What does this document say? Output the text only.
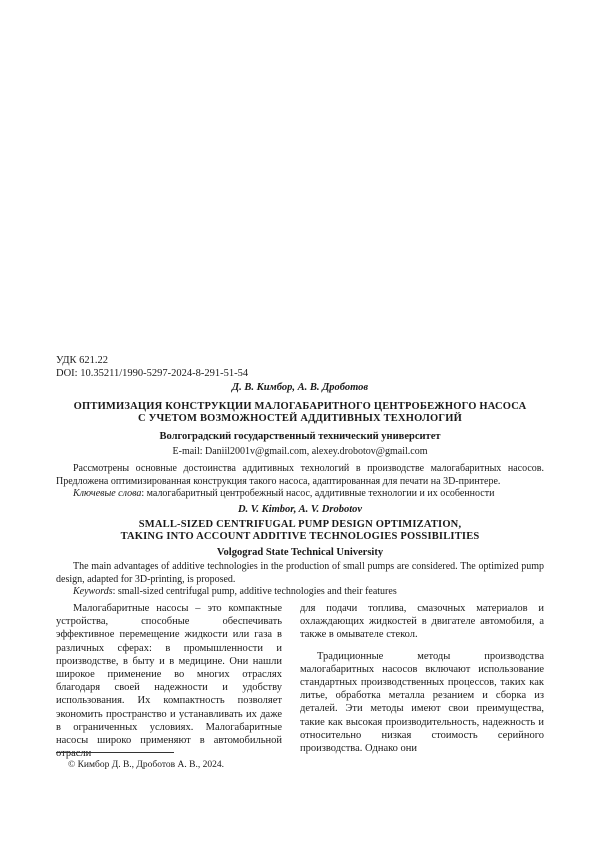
УДК 621.22
DOI: 10.35211/1990-5297-2024-8-291-51-54
Д. В. Кимбор, А. В. Дроботов
ОПТИМИЗАЦИЯ КОНСТРУКЦИИ МАЛОГАБАРИТНОГО ЦЕНТРОБЕЖНОГО НАСОСА
С УЧЕТОМ ВОЗМОЖНОСТЕЙ АДДИТИВНЫХ ТЕХНОЛОГИЙ
Волгоградский государственный технический университет
E-mail: Daniil2001v@gmail.com, alexey.drobotov@gmail.com

Рассмотрены основные достоинства аддитивных технологий в производстве малогабаритных насосов. Предложена оптимизированная конструкция такого насоса, адаптированная для печати на 3D-принтере.

Ключевые слова: малогабаритный центробежный насос, аддитивные технологии и их особенности

D. V. Kimbor, A. V. Drobotov
SMALL-SIZED CENTRIFUGAL PUMP DESIGN OPTIMIZATION,
TAKING INTO ACCOUNT ADDITIVE TECHNOLOGIES POSSIBILITIES
Volgograd State Technical University

The main advantages of additive technologies in the production of small pumps are considered. The optimized pump design, adapted for 3D-printing, is proposed.

Keywords: small-sized centrifugal pump, additive technologies and their features

Малогабаритные насосы – это компактные устройства, способные обеспечивать эффективное перемещение жидкости или газа в различных сферах: в промышленности и производстве, в быту и в медицине. Они нашли широкое применение во многих отраслях благодаря своей надежности и удобству использования. Их компактность позволяет экономить пространство и устанавливать их даже в ограниченных условиях. Малогабаритные насосы широко применяют в автомобильной отрасли

для подачи топлива, смазочных материалов и охлаждающих жидкостей в двигателе автомобиля, а также в омывателе стекол.

Традиционные методы производства малогабаритных насосов включают использование стандартных производственных процессов, таких как литье, обработка металла резанием и сборка из деталей. Эти методы имеют свои преимущества, такие как высокая производительность, надежность и относительно низкая стоимость серийного производства. Однако они

© Кимбор Д. В., Дроботов А. В., 2024.
